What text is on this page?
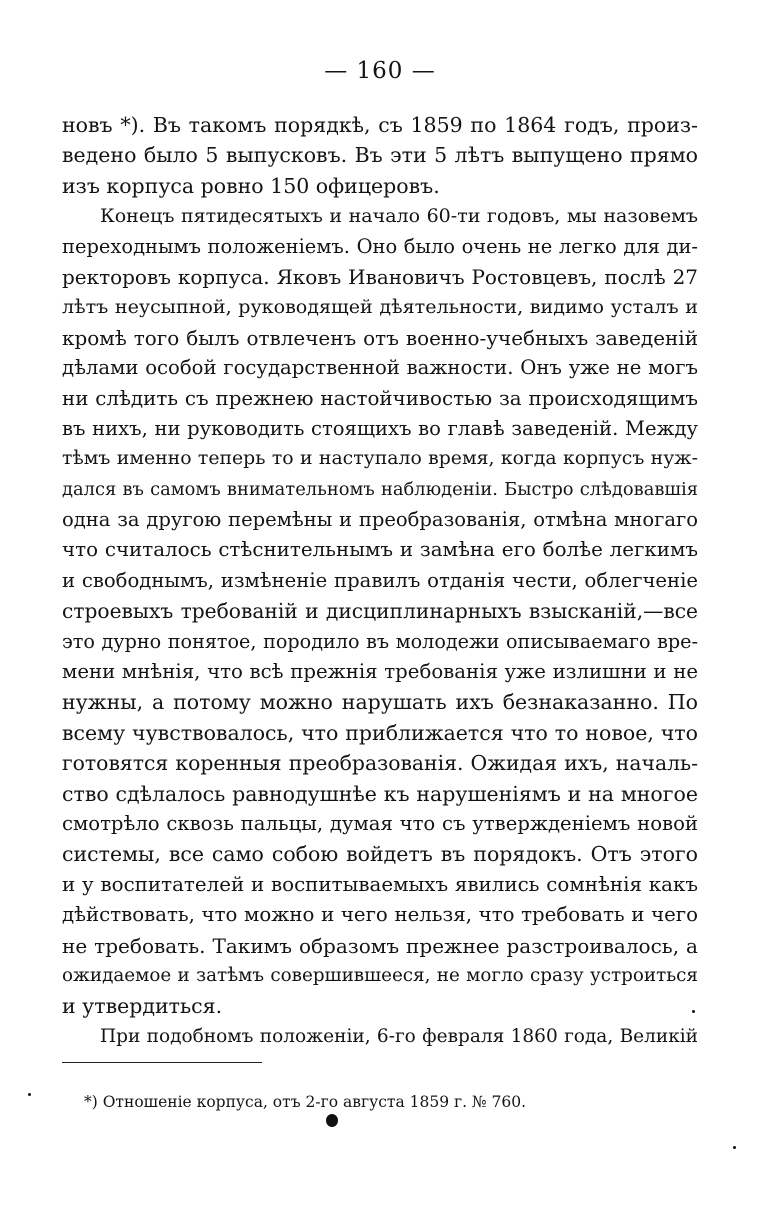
— 160 —
новъ *). Въ такомъ порядкѣ, съ 1859 по 1864 годъ, произ-
ведено было 5 выпусковъ. Въ эти 5 лѣтъ выпущено прямо
изъ корпуса ровно 150 офицеровъ.
Конецъ пятидесятыхъ и начало 60-ти годовъ, мы назовемъ
переходнымъ положеніемъ. Оно было очень не легко для ди-
ректоровъ корпуса. Яковъ Ивановичъ Ростовцевъ, послѣ 27
лѣтъ неусыпной, руководящей дѣятельности, видимо усталъ и
кромѣ того былъ отвлеченъ отъ военно-учебныхъ заведеній
дѣлами особой государственной важности. Онъ уже не могъ
ни слѣдить съ прежнею настойчивостью за происходящимъ
въ нихъ, ни руководить стоящихъ во главѣ заведеній. Между
тѣмъ именно теперь то и наступало время, когда корпусъ нуж-
дался въ самомъ внимательномъ наблюденіи. Быстро слѣдовавшія
одна за другою перемѣны и преобразованія, отмѣна многаго
что считалось стѣснительнымъ и замѣна его болѣе легкимъ
и свободнымъ, измѣненіе правилъ отданія чести, облегченіе
строевыхъ требованій и дисциплинарныхъ взысканій,—все
это дурно понятое, породило въ молодежи описываемаго вре-
мени мнѣнія, что всѣ прежнія требованія уже излишни и не
нужны, а потому можно нарушать ихъ безнаказанно. По
всему чувствовалось, что приближается что то новое, что
готовятся коренныя преобразованія. Ожидая ихъ, началь-
ство сдѣлалось равнодушнѣе къ нарушеніямъ и на многое
смотрѣло сквозь пальцы, думая что съ утвержденіемъ новой
системы, все само собою войдетъ въ порядокъ. Отъ этого
и у воспитателей и воспитываемыхъ явились сомнѣнія какъ
дѣйствовать, что можно и чего нельзя, что требовать и чего
не требовать. Такимъ образомъ прежнее разстроивалось, а
ожидаемое и затѣмъ совершившееся, не могло сразу устроиться
и утвердиться.
При подобномъ положеніи, 6-го февраля 1860 года, Великій
*) Отношеніе корпуса, отъ 2-го августа 1859 г. № 760.
